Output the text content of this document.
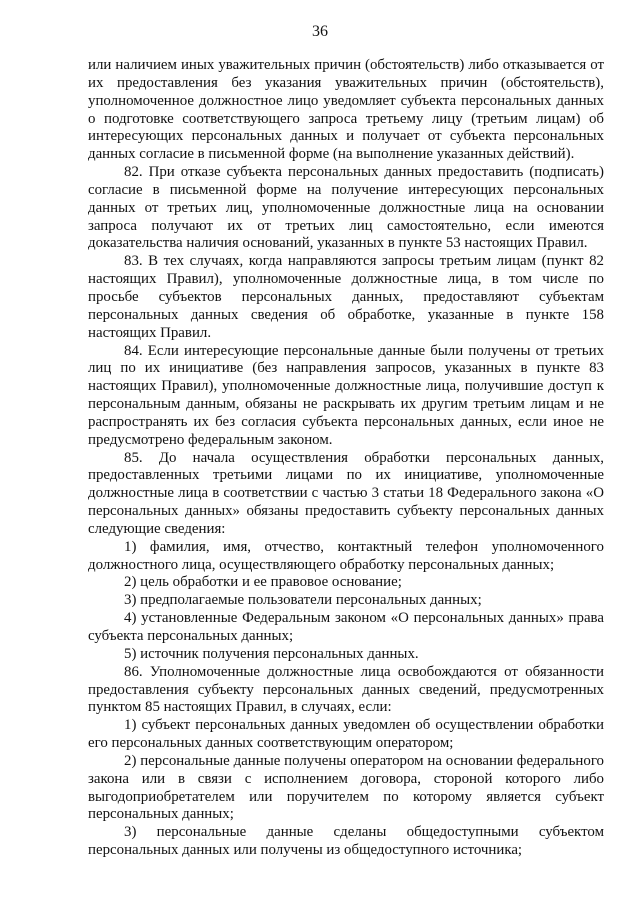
36

или наличием иных уважительных причин (обстоятельств) либо отказывается от их предоставления без указания уважительных причин (обстоятельств), уполномоченное должностное лицо уведомляет субъекта персональных данных о подготовке соответствующего запроса третьему лицу (третьим лицам) об интересующих персональных данных и получает от субъекта персональных данных согласие в письменной форме (на выполнение указанных действий).

82. При отказе субъекта персональных данных предоставить (подписать) согласие в письменной форме на получение интересующих персональных данных от третьих лиц, уполномоченные должностные лица на основании запроса получают их от третьих лиц самостоятельно, если имеются доказательства наличия оснований, указанных в пункте 53 настоящих Правил.

83. В тех случаях, когда направляются запросы третьим лицам (пункт 82 настоящих Правил), уполномоченные должностные лица, в том числе по просьбе субъектов персональных данных, предоставляют субъектам персональных данных сведения об обработке, указанные в пункте 158 настоящих Правил.

84. Если интересующие персональные данные были получены от третьих лиц по их инициативе (без направления запросов, указанных в пункте 83 настоящих Правил), уполномоченные должностные лица, получившие доступ к персональным данным, обязаны не раскрывать их другим третьим лицам и не распространять их без согласия субъекта персональных данных, если иное не предусмотрено федеральным законом.

85. До начала осуществления обработки персональных данных, предоставленных третьими лицами по их инициативе, уполномоченные должностные лица в соответствии с частью 3 статьи 18 Федерального закона «О персональных данных» обязаны предоставить субъекту персональных данных следующие сведения:

1) фамилия, имя, отчество, контактный телефон уполномоченного должностного лица, осуществляющего обработку персональных данных;

2) цель обработки и ее правовое основание;

3) предполагаемые пользователи персональных данных;

4) установленные Федеральным законом «О персональных данных» права субъекта персональных данных;

5) источник получения персональных данных.

86. Уполномоченные должностные лица освобождаются от обязанности предоставления субъекту персональных данных сведений, предусмотренных пунктом 85 настоящих Правил, в случаях, если:

1) субъект персональных данных уведомлен об осуществлении обработки его персональных данных соответствующим оператором;

2) персональные данные получены оператором на основании федерального закона или в связи с исполнением договора, стороной которого либо выгодоприобретателем или поручителем по которому является субъект персональных данных;

3) персональные данные сделаны общедоступными субъектом персональных данных или получены из общедоступного источника;
